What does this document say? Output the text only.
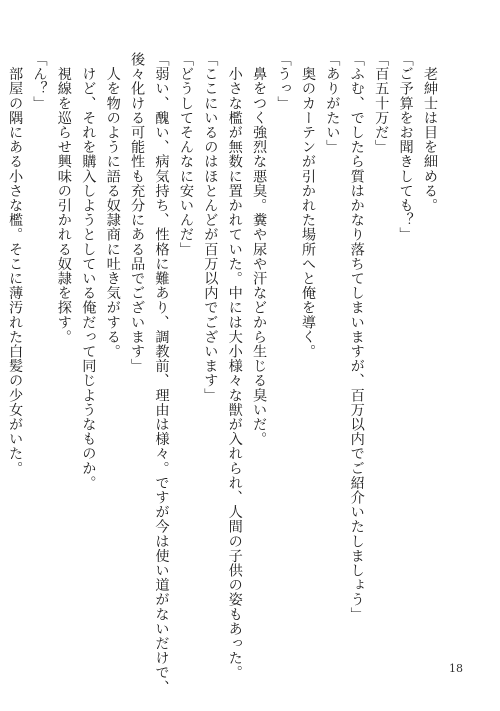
　老紳士は目を細める。
「ご予算をお聞きしても？」
「百五十万だ」
「ふむ、でしたら質はかなり落ちてしまいますが、百万以内でご紹介いたしましょう」
「ありがたい」
　奥のカーテンが引かれた場所へと俺を導く。
「うっ」
　鼻をつく強烈な悪臭。糞や尿や汗などから生じる臭いだ。
　小さな檻が無数に置かれていた。中には大小様々な獣が入れられ、人間の子供の姿もあった。
「ここにいるのはほとんどが百万以内でございます」
「どうしてそんなに安いんだ」
「弱い、醜い、病気持ち、性格に難あり、調教前、理由は様々。ですが今は使い道がないだけで、
後々化ける可能性も充分にある品でございます」
　人を物のように語る奴隷商に吐き気がする。
　けど、それを購入しようとしている俺だって同じようなものか。
　視線を巡らせ興味の引かれる奴隷を探す。
「ん？」
　部屋の隅にある小さな檻。そこに薄汚れた白髪の少女がいた。
18
